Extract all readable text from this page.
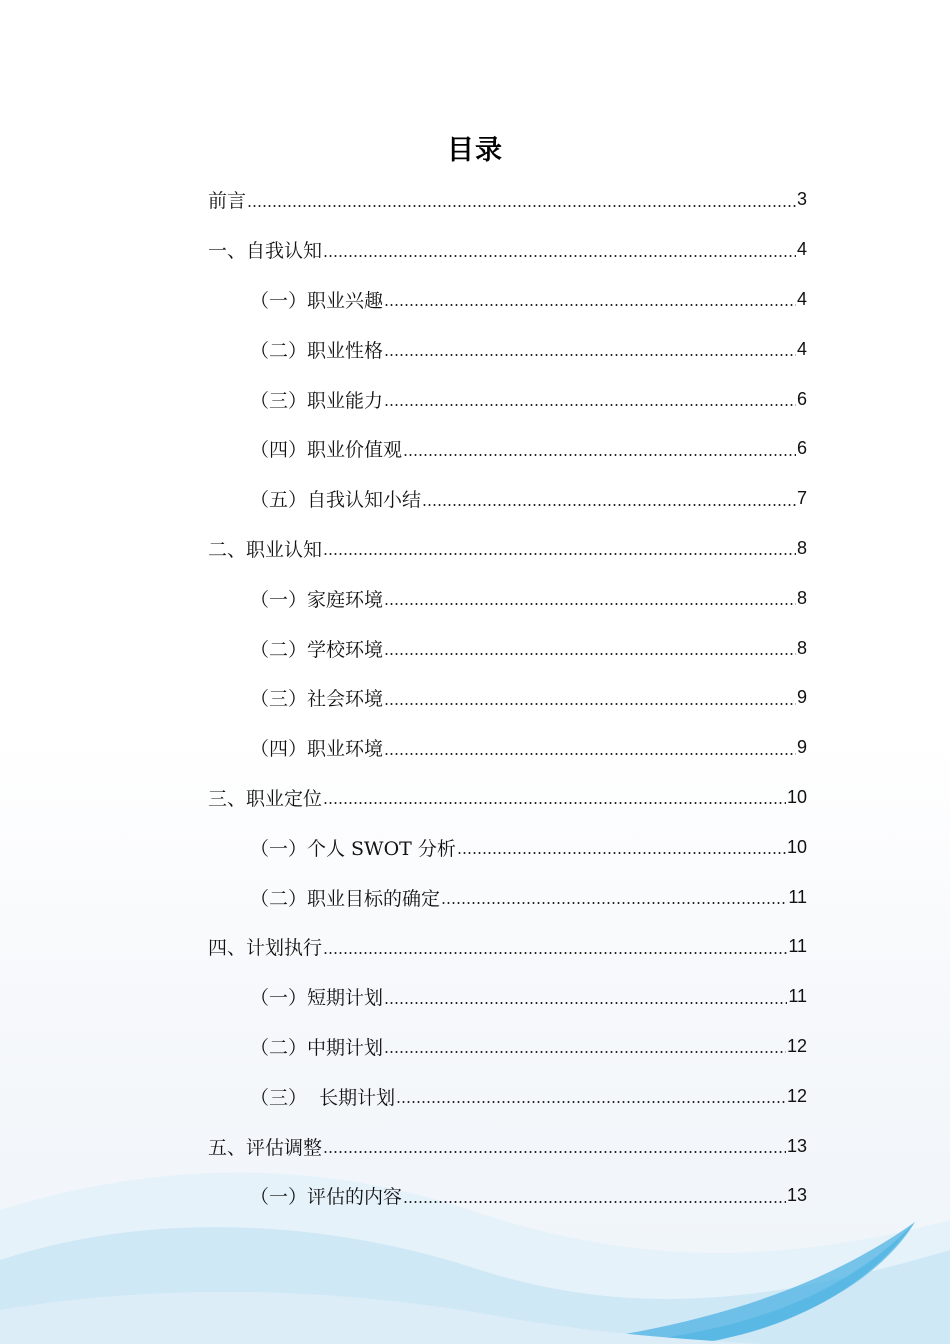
目录
前言	3
一、自我认知	4
（一）职业兴趣	4
（二）职业性格	4
（三）职业能力	6
（四）职业价值观	6
（五）自我认知小结	7
二、职业认知	8
（一）家庭环境	8
（二）学校环境	8
（三）社会环境	9
（四）职业环境	9
三、职业定位	10
（一）个人 SWOT 分析	10
（二）职业目标的确定	11
四、计划执行	11
（一）短期计划	11
（二）中期计划	12
（三）  长期计划	12
五、评估调整	13
（一）评估的内容	13
